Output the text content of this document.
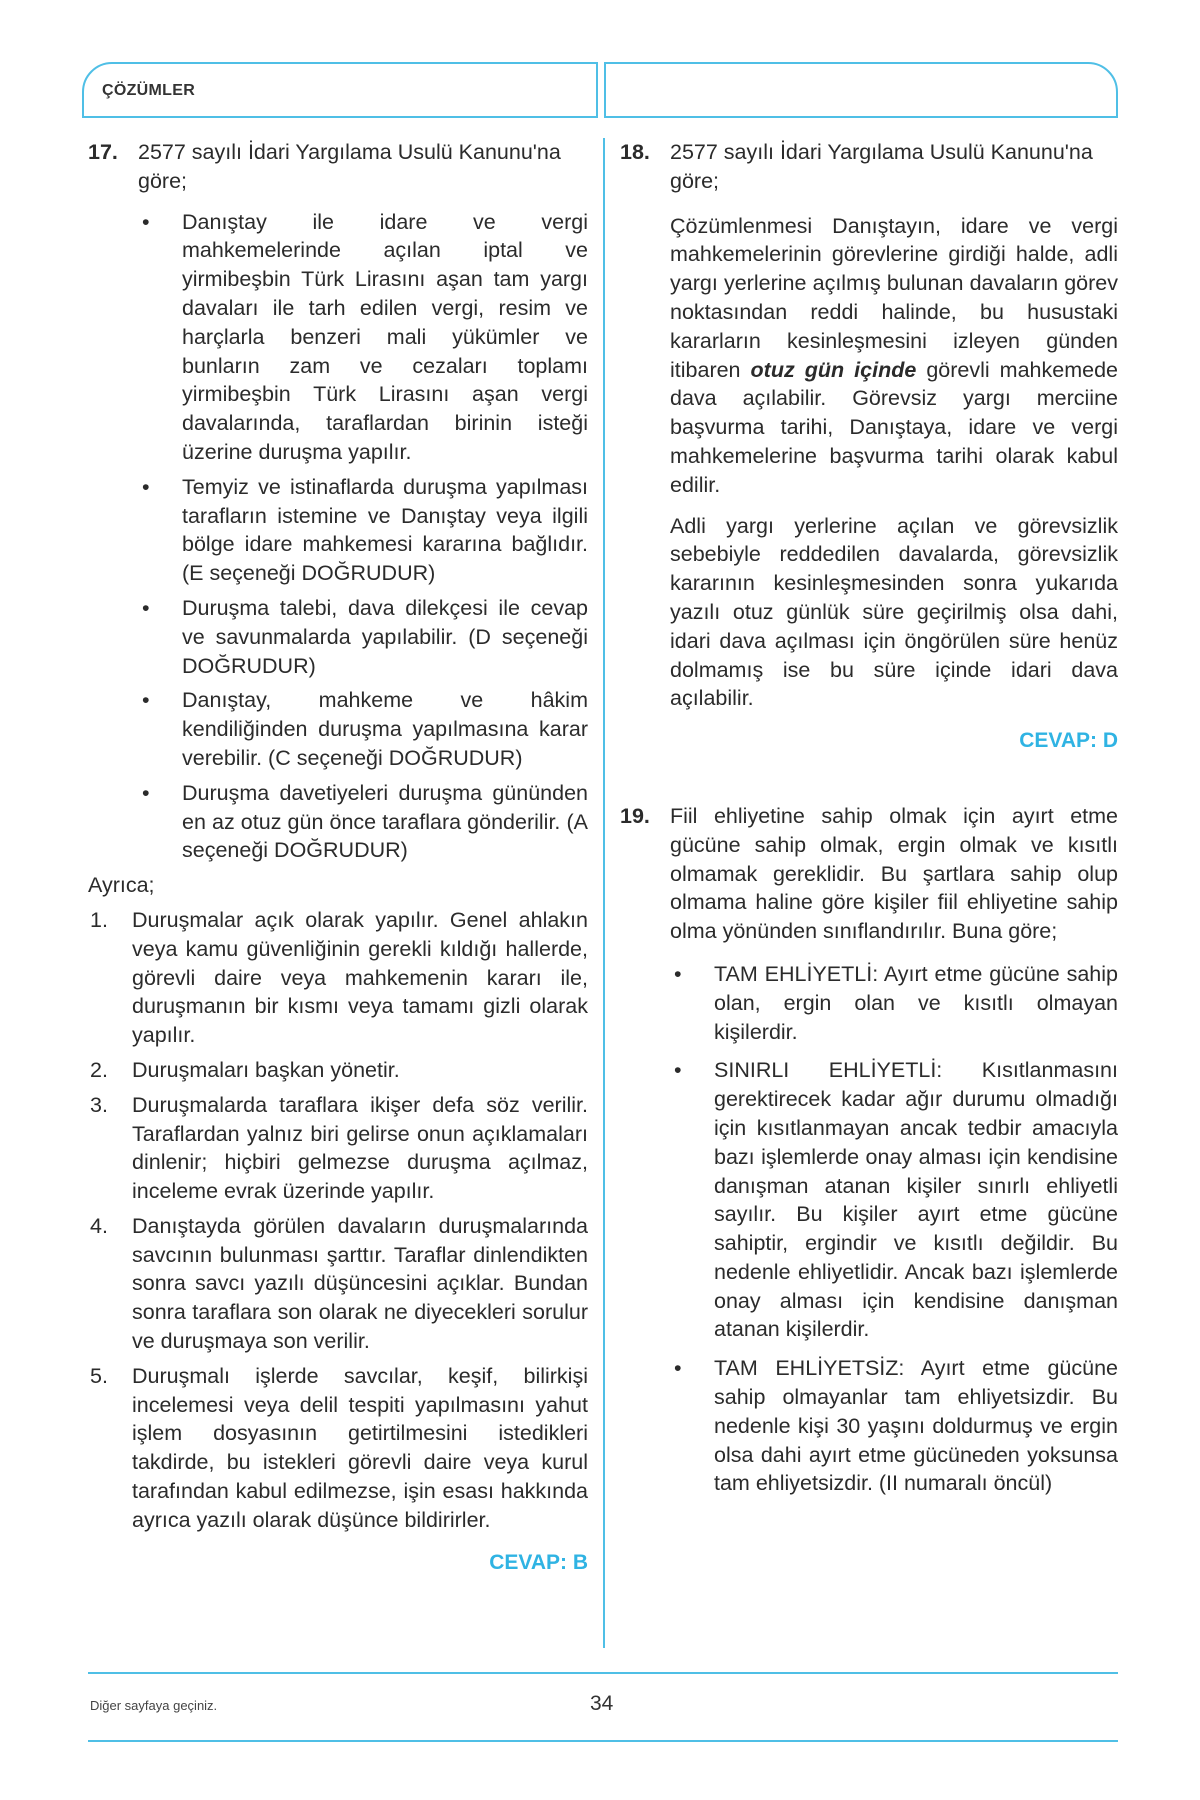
ÇÖZÜMLER
17. 2577 sayılı İdari Yargılama Usulü Kanunu'na göre;
•	Danıştay ile idare ve vergi mahkemelerinde açılan iptal ve yirmibeşbin Türk Lirasını aşan tam yargı davaları ile tarh edilen vergi, resim ve harçlarla benzeri mali yükümler ve bunların zam ve cezaları toplamı yirmibeşbin Türk Lirasını aşan vergi davalarında, taraflardan birinin isteği üzerine duruşma yapılır.
•	Temyiz ve istinaflarda duruşma yapılması tarafların istemine ve Danıştay veya ilgili bölge idare mahkemesi kararına bağlıdır. (E seçeneği DOĞRUDUR)
•	Duruşma talebi, dava dilekçesi ile cevap ve savunmalarda yapılabilir. (D seçeneği DOĞRUDUR)
•	Danıştay, mahkeme ve hâkim kendiliğinden duruşma yapılmasına karar verebilir. (C seçeneği DOĞRUDUR)
•	Duruşma davetiyeleri duruşma gününden en az otuz gün önce taraflara gönderilir. (A seçeneği DOĞRUDUR)
Ayrıca;
1.	Duruşmalar açık olarak yapılır. Genel ahlakın veya kamu güvenliğinin gerekli kıldığı hallerde, görevli daire veya mahkemenin kararı ile, duruşmanın bir kısmı veya tamamı gizli olarak yapılır.
2.	Duruşmaları başkan yönetir.
3.	Duruşmalarda taraflara ikişer defa söz verilir. Taraflardan yalnız biri gelirse onun açıklamaları dinlenir; hiçbiri gelmezse duruşma açılmaz, inceleme evrak üzerinde yapılır.
4.	Danıştayda görülen davaların duruşmalarında savcının bulunması şarttır. Taraflar dinlendikten sonra savcı yazılı düşüncesini açıklar. Bundan sonra taraflara son olarak ne diyecekleri sorulur ve duruşmaya son verilir.
5.	Duruşmalı işlerde savcılar, keşif, bilirkişi incelemesi veya delil tespiti yapılmasını yahut işlem dosyasının getirtilmesini istedikleri takdirde, bu istekleri görevli daire veya kurul tarafından kabul edilmezse, işin esası hakkında ayrıca yazılı olarak düşünce bildirirler.
CEVAP: B
18. 2577 sayılı İdari Yargılama Usulü Kanunu'na göre;
Çözümlenmesi Danıştayın, idare ve vergi mahkemelerinin görevlerine girdiği halde, adli yargı yerlerine açılmış bulunan davaların görev noktasından reddi halinde, bu husustaki kararların kesinleşmesini izleyen günden itibaren otuz gün içinde görevli mahkemede dava açılabilir. Görevsiz yargı merciine başvurma tarihi, Danıştaya, idare ve vergi mahkemelerine başvurma tarihi olarak kabul edilir.
Adli yargı yerlerine açılan ve görevsizlik sebebiyle reddedilen davalarda, görevsizlik kararının kesinleşmesinden sonra yukarıda yazılı otuz günlük süre geçirilmiş olsa dahi, idari dava açılması için öngörülen süre henüz dolmamış ise bu süre içinde idari dava açılabilir.
CEVAP: D
19. Fiil ehliyetine sahip olmak için ayırt etme gücüne sahip olmak, ergin olmak ve kısıtlı olmamak gereklidir. Bu şartlara sahip olup olmama haline göre kişiler fiil ehliyetine sahip olma yönünden sınıflandırılır. Buna göre;
•	TAM EHLİYETLİ: Ayırt etme gücüne sahip olan, ergin olan ve kısıtlı olmayan kişilerdir.
•	SINIRLI EHLİYETLİ: Kısıtlanmasını gerektirecek kadar ağır durumu olmadığı için kısıtlanmayan ancak tedbir amacıyla bazı işlemlerde onay alması için kendisine danışman atanan kişiler sınırlı ehliyetli sayılır. Bu kişiler ayırt etme gücüne sahiptir, ergindir ve kısıtlı değildir. Bu nedenle ehliyetlidir. Ancak bazı işlemlerde onay alması için kendisine danışman atanan kişilerdir.
•	TAM EHLİYETSİZ: Ayırt etme gücüne sahip olmayanlar tam ehliyetsizdir. Bu nedenle kişi 30 yaşını doldurmuş ve ergin olsa dahi ayırt etme gücüneden yoksunsa tam ehliyetsizdir. (II numaralı öncül)
Diğer sayfaya geçiniz.	34
